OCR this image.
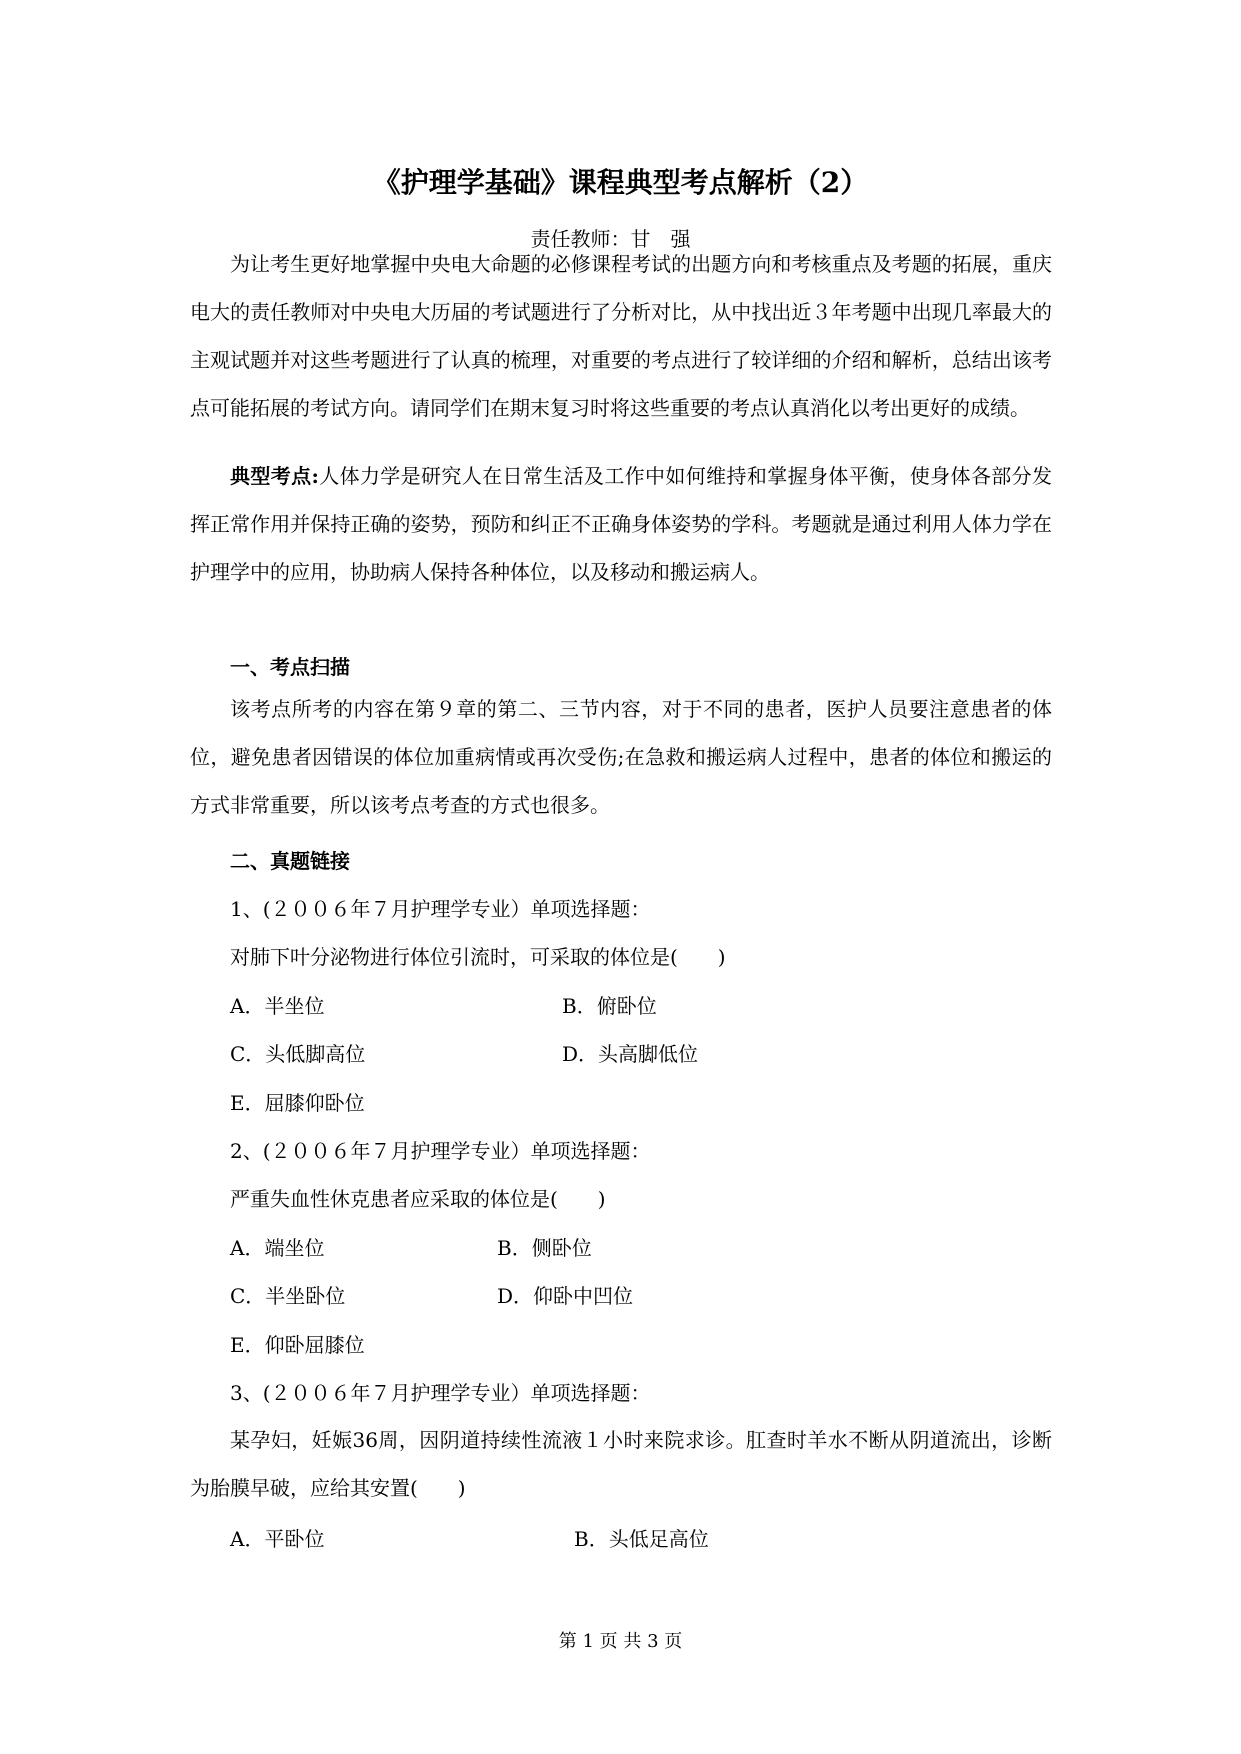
《护理学基础》课程典型考点解析（2）
责任教师：甘强

为让考生更好地掌握中央电大命题的必修课程考试的出题方向和考核重点及考题的拓展，重庆电大的责任教师对中央电大历届的考试题进行了分析对比，从中找出近３年考题中出现几率最大的主观试题并对这些考题进行了认真的梳理，对重要的考点进行了较详细的介绍和解析，总结出该考点可能拓展的考试方向。请同学们在期末复习时将这些重要的考点认真消化以考出更好的成绩。

典型考点:人体力学是研究人在日常生活及工作中如何维持和掌握身体平衡，使身体各部分发挥正常作用并保持正确的姿势，预防和纠正不正确身体姿势的学科。考题就是通过利用人体力学在护理学中的应用，协助病人保持各种体位，以及移动和搬运病人。

一、考点扫描

该考点所考的内容在第９章的第二、三节内容，对于不同的患者，医护人员要注意患者的体位，避免患者因错误的体位加重病情或再次受伤;在急救和搬运病人过程中，患者的体位和搬运的方式非常重要，所以该考点考查的方式也很多。

二、真题链接
1、(２００６年７月护理学专业）单项选择题：
对肺下叶分泌物进行体位引流时，可采取的体位是(　　)
A．半坐位	B．俯卧位
C．头低脚高位	D．头高脚低位
E．屈膝仰卧位
2、(２００６年７月护理学专业）单项选择题：
严重失血性休克患者应采取的体位是(　　)
A．端坐位	B．侧卧位
C．半坐卧位	D．仰卧中凹位
E．仰卧屈膝位
3、(２００６年７月护理学专业）单项选择题：

某孕妇，妊娠36周，因阴道持续性流液１小时来院求诊。肛查时羊水不断从阴道流出，诊断为胎膜早破，应给其安置(　　)

A．平卧位	B．头低足高位
第 1 页 共 3 页
